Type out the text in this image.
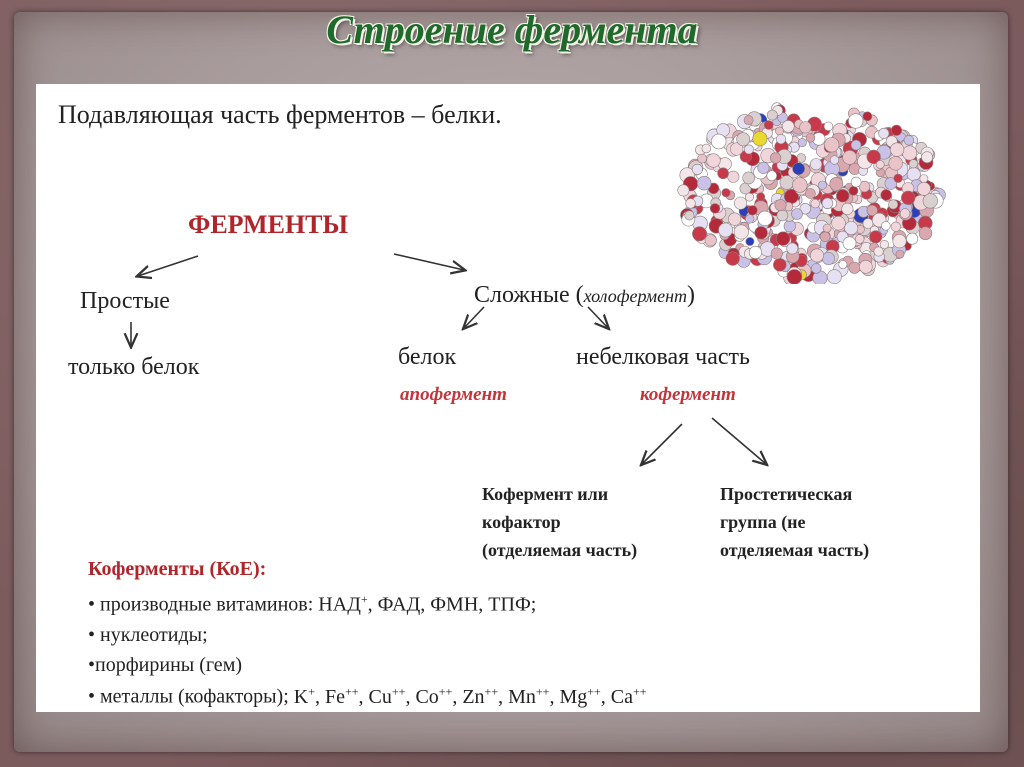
Строение фермента
Подавляющая часть ферментов – белки.
ФЕРМЕНТЫ
Простые
только белок
Сложные (холофермент)
белок
апофермент
небелковая часть
кофермент
Кофермент или
кофактор
(отделяемая часть)
Простетическая
группа (не
отделяемая часть)
Коферменты (КоЕ):
• производные витаминов: НАД+, ФАД, ФМН, ТПФ;
• нуклеотиды;
•порфирины (гем)
• металлы (кофакторы); K+, Fe++, Cu++, Co++, Zn++, Mn++, Mg++, Ca++
